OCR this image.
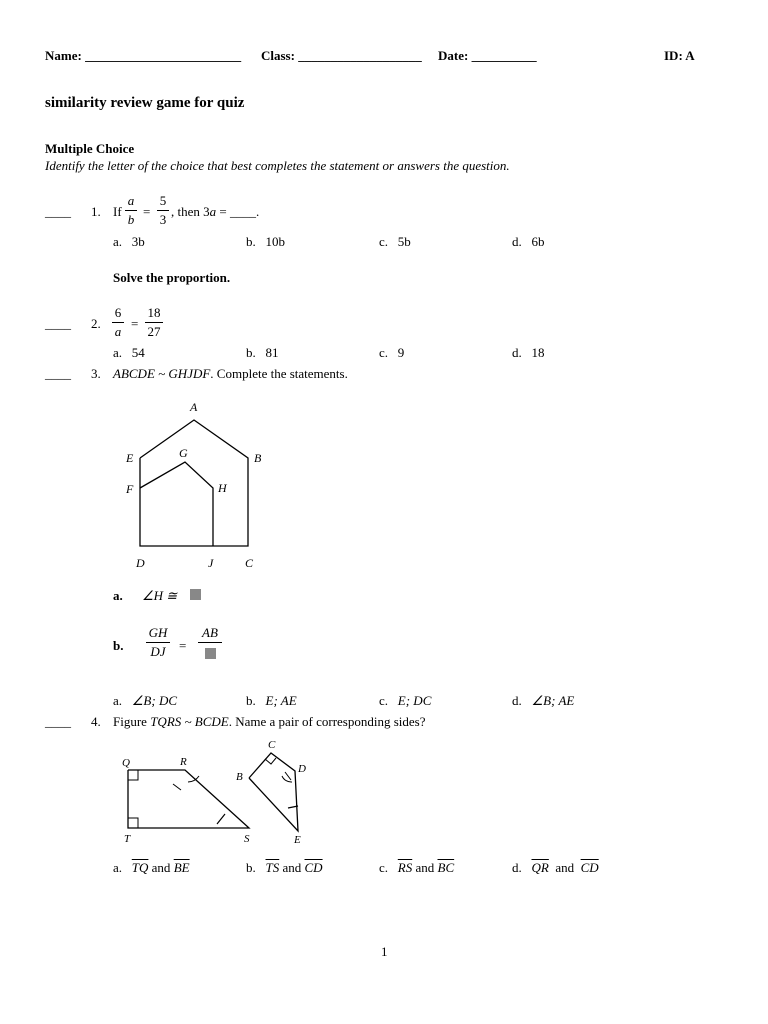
Name: ________________________ Class: ___________________ Date: __________	ID: A
similarity review game for quiz
Multiple Choice
Identify the letter of the choice that best completes the statement or answers the question.
____ 1. If
a
b
=
5
3
, then 3a = ____.
a. 3b	b. 10b	c. 5b	d. 6b
Solve the proportion.
____ 2.
6
a
=
18
27
a. 54	b. 81	c. 9	d. 18
____ 3. ABCDE ~ GHJDF. Complete the statements.
A
B
C
D
E
F
G
H
J
a. ∠H ≅
b.
GH
DJ	=
AB
a. ∠B; DC	b. E; AE	c. E; DC	d. ∠B; AE
____ 4. Figure TQRS ~ BCDE. Name a pair of corresponding sides?
Q	R
T	S
B
C
D
E
a. $\overline{TQ}$ and $\overline{BE}$	b. $\overline{TS}$ and $\overline{CD}$	c. $\overline{RS}$ and $\overline{BC}$	d. $\overline{QR}$ and $\overline{CD}$
1
